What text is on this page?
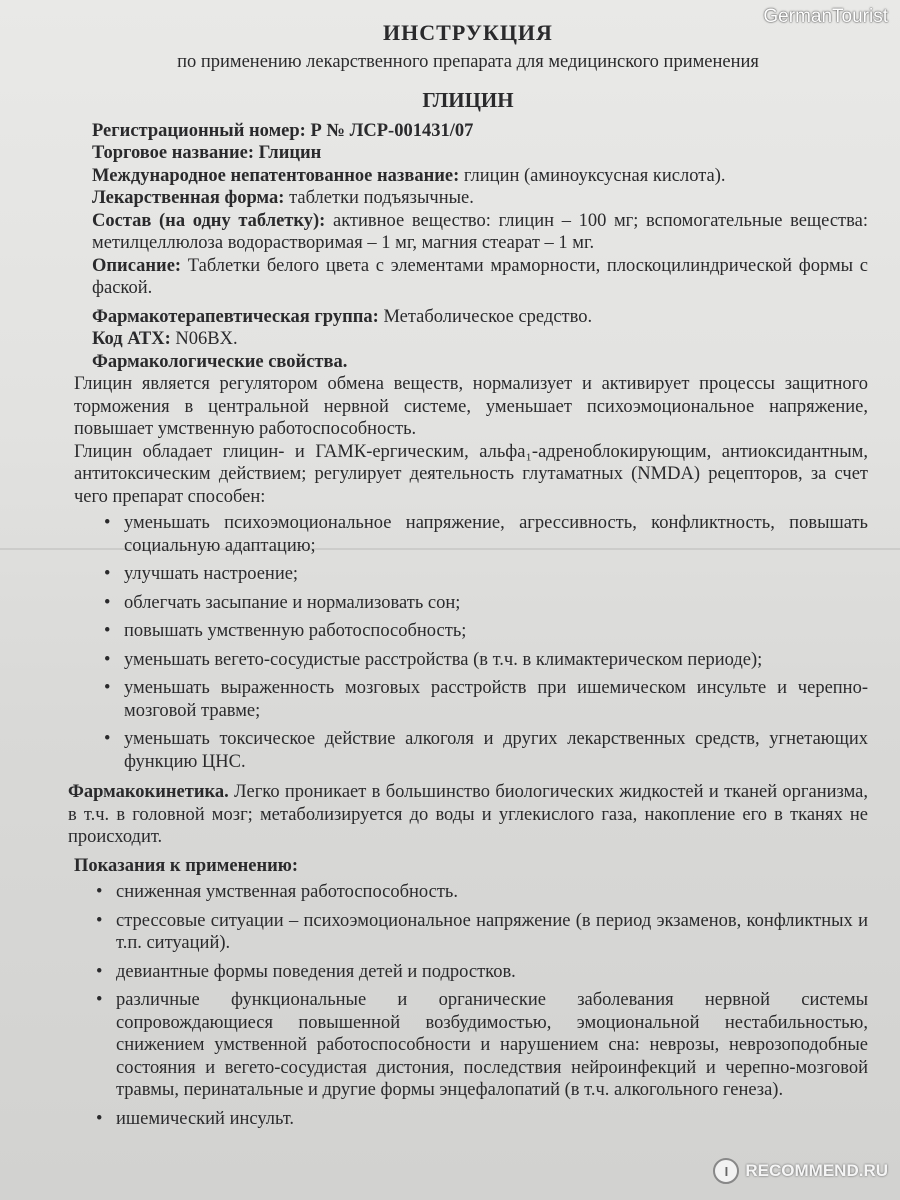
GermanTourist
ИНСТРУКЦИЯ
по применению лекарственного препарата для медицинского применения
ГЛИЦИН
Регистрационный номер: Р № ЛСР-001431/07
Торговое название: Глицин
Международное непатентованное название: глицин (аминоуксусная кислота).
Лекарственная форма: таблетки подъязычные.
Состав (на одну таблетку): активное вещество: глицин – 100 мг; вспомогательные вещества: метилцеллюлоза водорастворимая – 1 мг, магния стеарат – 1 мг.
Описание: Таблетки белого цвета с элементами мраморности, плоскоцилиндрической формы с фаской.
Фармакотерапевтическая группа: Метаболическое средство.
Код АТХ: N06BX.
Фармакологические свойства.
Глицин является регулятором обмена веществ, нормализует и активирует процессы защитного торможения в центральной нервной системе, уменьшает психоэмоциональное напряжение, повышает умственную работоспособность.
Глицин обладает глицин- и ГАМК-ергическим, альфа₁-адреноблокирующим, антиоксидантным, антитоксическим действием; регулирует деятельность глутаматных (NMDA) рецепторов, за счет чего препарат способен:
• уменьшать психоэмоциональное напряжение, агрессивность, конфликтность, повышать социальную адаптацию;
• улучшать настроение;
• облегчать засыпание и нормализовать сон;
• повышать умственную работоспособность;
• уменьшать вегето-сосудистые расстройства (в т.ч. в климактерическом периоде);
• уменьшать выраженность мозговых расстройств при ишемическом инсульте и черепно-мозговой травме;
• уменьшать токсическое действие алкоголя и других лекарственных средств, угнетающих функцию ЦНС.
Фармакокинетика. Легко проникает в большинство биологических жидкостей и тканей организма, в т.ч. в головной мозг; метаболизируется до воды и углекислого газа, накопление его в тканях не происходит.
Показания к применению:
• сниженная умственная работоспособность.
• стрессовые ситуации – психоэмоциональное напряжение (в период экзаменов, конфликтных и т.п. ситуаций).
• девиантные формы поведения детей и подростков.
• различные функциональные и органические заболевания нервной системы сопровождающиеся повышенной возбудимостью, эмоциональной нестабильностью, снижением умственной работоспособности и нарушением сна: неврозы, неврозоподобные состояния и вегето-сосудистая дистония, последствия нейроинфекций и черепно-мозговой травмы, перинатальные и другие формы энцефалопатий (в т.ч. алкогольного генеза).
• ишемический инсульт.
I	RECOMMEND.RU
